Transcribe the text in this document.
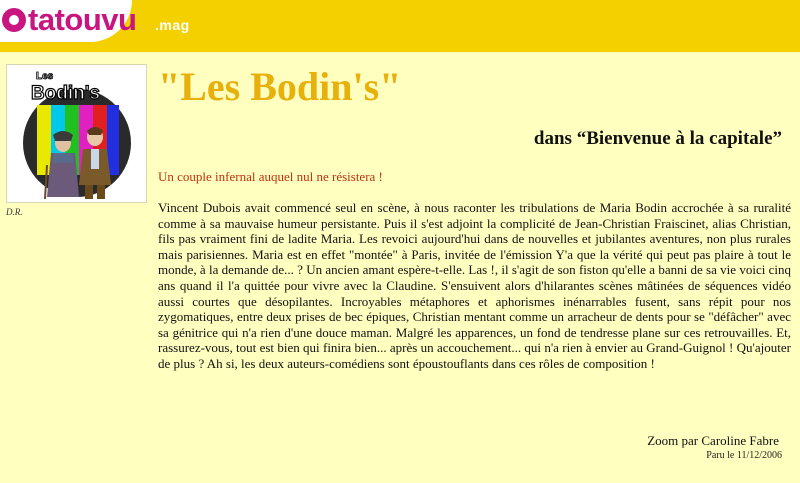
tatouvu .mag
Les
Bodin's
D.R.
"Les Bodin's"
dans “Bienvenue à la capitale”

Un couple infernal auquel nul ne résistera !

Vincent Dubois avait commencé seul en scène, à nous raconter les tribulations de Maria Bodin accrochée à sa ruralité comme à sa mauvaise humeur persistante. Puis il s'est adjoint la complicité de Jean-Christian Fraiscinet, alias Christian, fils pas vraiment fini de ladite Maria. Les revoici aujourd'hui dans de nouvelles et jubilantes aventures, non plus rurales mais parisiennes. Maria est en effet "montée" à Paris, invitée de l'émission Y'a que la vérité qui peut pas plaire à tout le monde, à la demande de... ? Un ancien amant espère-t-elle. Las !, il s'agit de son fiston qu'elle a banni de sa vie voici cinq ans quand il l'a quittée pour vivre avec la Claudine. S'ensuivent alors d'hilarantes scènes mâtinées de séquences vidéo aussi courtes que désopilantes. Incroyables métaphores et aphorismes inénarrables fusent, sans répit pour nos zygomatiques, entre deux prises de bec épiques, Christian mentant comme un arracheur de dents pour se "défâcher" avec sa génitrice qui n'a rien d'une douce maman. Malgré les apparences, un fond de tendresse plane sur ces retrouvailles. Et, rassurez-vous, tout est bien qui finira bien... après un accouchement... qui n'a rien à envier au Grand-Guignol ! Qu'ajouter de plus ? Ah si, les deux auteurs-comédiens sont époustouflants dans ces rôles de composition !

Zoom par Caroline Fabre
Paru le 11/12/2006
